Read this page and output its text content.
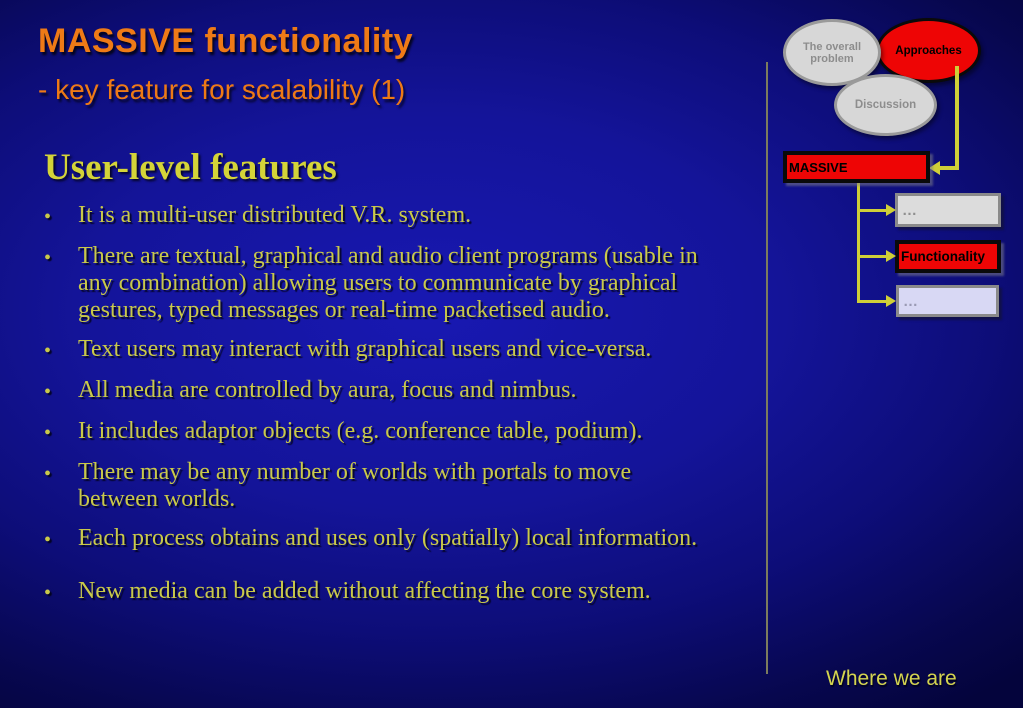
MASSIVE functionality
- key feature for scalability (1)
User-level features
•	It is a multi-user distributed V.R. system.
•	There are textual, graphical and audio client programs (usable in any combination) allowing users to communicate by graphical gestures, typed messages or real-time packetised audio.
•	Text users may interact with graphical users and vice-versa.
•	All media are controlled by aura, focus and nimbus.
•	It includes adaptor objects (e.g. conference table, podium).
•	There may be any number of worlds with portals to move between worlds.
•	Each process obtains and uses only (spatially) local information.
•	New media can be added without affecting the core system.
The overall problem
Approaches
Discussion
MASSIVE
…
Functionality
…
Where we are
